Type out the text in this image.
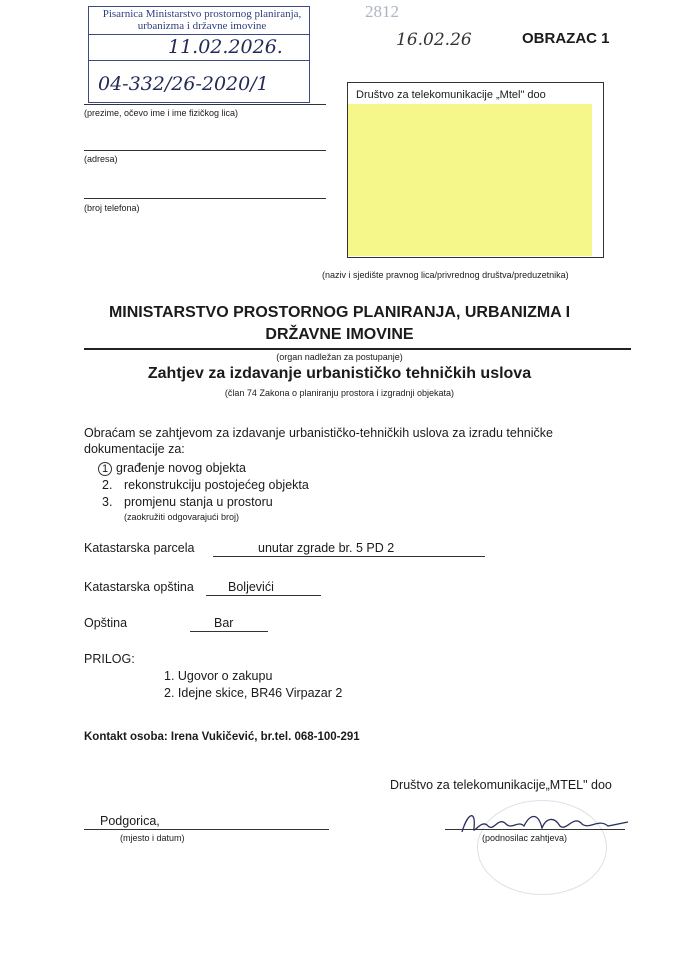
Pisarnica Ministarstvo prostornog planiranja,
urbanizma i državne imovine
11.02.2026.
04-332/26-2020/1
2812
16.02.26	OBRAZAC 1
(prezime, očevo ime i ime fizičkog lica)
(adresa)
(broj telefona)
Društvo za telekomunikacije „Mtel" doo
(naziv i sjedište pravnog lica/privrednog društva/preduzetnika)
MINISTARSTVO PROSTORNOG PLANIRANJA, URBANIZMA I
DRŽAVNE IMOVINE
(organ nadležan za postupanje)
Zahtjev za izdavanje urbanističko tehničkih uslova
(član 74 Zakona o planiranju prostora i izgradnji objekata)
Obraćam se zahtjevom za izdavanje urbanističko-tehničkih uslova za izradu tehničke
dokumentacije za:
1 građenje novog objekta
2. rekonstrukciju postojećeg objekta
3. promjenu stanja u prostoru
(zaokružiti odgovarajući broj)
Katastarska parcela	unutar zgrade br. 5 PD 2
Katastarska opština	Boljevići
Opština	Bar
PRILOG:
1. Ugovor o zakupu
2. Idejne skice, BR46 Virpazar 2
Kontakt osoba: Irena Vukičević, br.tel. 068-100-291
Društvo za telekomunikacije„MTEL" doo
Podgorica,
(mjesto i datum)	(podnosilac zahtjeva)
